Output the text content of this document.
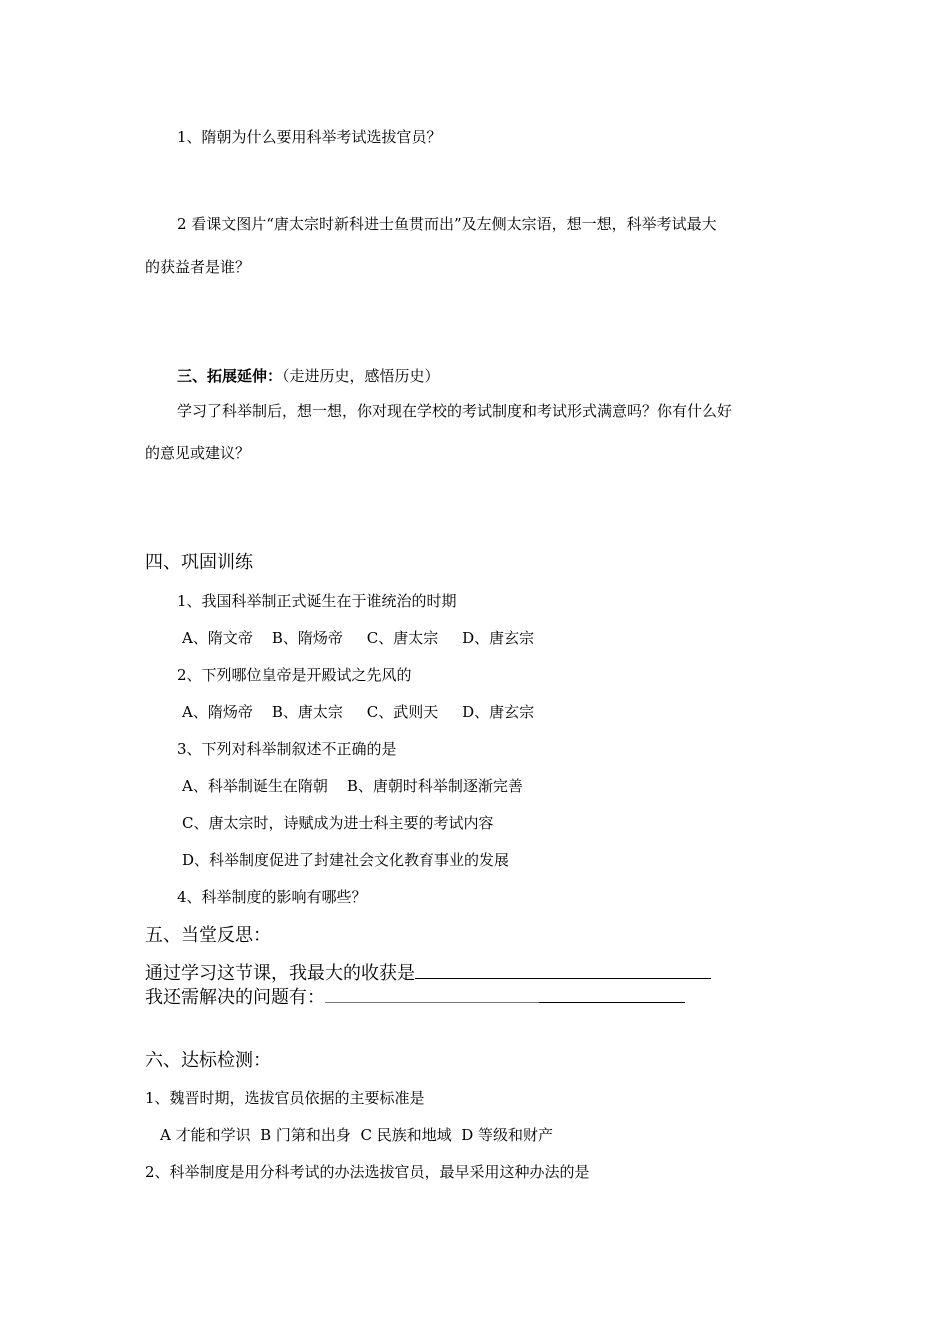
1、隋朝为什么要用科举考试选拔官员？
2 看课文图片“唐太宗时新科进士鱼贯而出”及左侧太宗语，想一想，科举考试最大
的获益者是谁？
三、拓展延伸：（走进历史，感悟历史）
学习了科举制后，想一想，你对现在学校的考试制度和考试形式满意吗？你有什么好
的意见或建议？
四、巩固训练
1、我国科举制正式诞生在于谁统治的时期
A、隋文帝    B、隋炀帝     C、唐太宗     D、唐玄宗
2、下列哪位皇帝是开殿试之先风的
A、隋炀帝    B、唐太宗     C、武则天     D、唐玄宗
3、下列对科举制叙述不正确的是
A、科举制诞生在隋朝    B、唐朝时科举制逐渐完善
C、唐太宗时，诗赋成为进士科主要的考试内容
D、科举制度促进了封建社会文化教育事业的发展
4、科举制度的影响有哪些？
五、当堂反思：
通过学习这节课，我最大的收获是
我还需解决的问题有：
六、达标检测：
1、魏晋时期，选拔官员依据的主要标准是
A 才能和学识  B 门第和出身  C 民族和地域  D 等级和财产
2、科举制度是用分科考试的办法选拔官员，最早采用这种办法的是
